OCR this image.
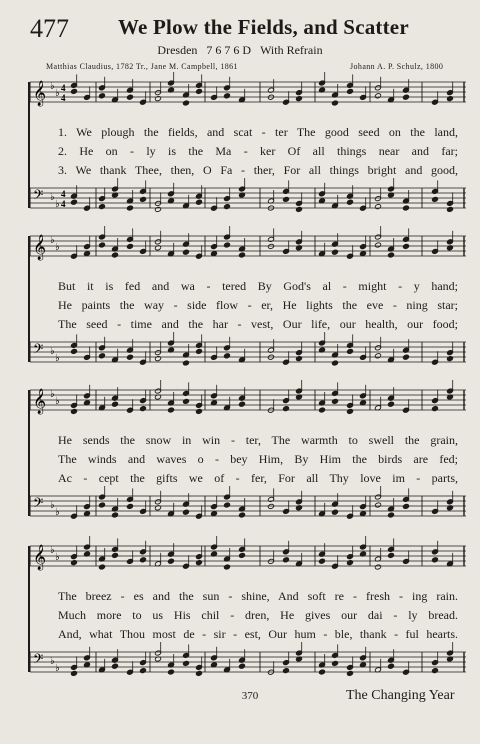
477 We Plow the Fields, and Scatter
Dresden 7 6 7 6 D With Refrain
Matthias Claudius, 1782 Tr., Jane M. Campbell, 1861	Johann A. P. Schulz, 1800
𝄞 ♭
♭ 4
4
1. We plough the fields, and scat - ter The good seed on the land,
2. He on - ly is the Ma - ker Of all things near and far;
3. We thank Thee, then, O Fa - ther, For all things bright and good,
𝄢 ♭
♭
4
4
𝄞 ♭
♭
But it is fed and wa - tered By God's al - might - y hand;
He paints the way - side flow - er, He lights the eve - ning star;
The seed - time and the har - vest, Our life, our health, our food;
𝄢 ♭
♭
𝄞 ♭
♭
He sends the snow in win - ter, The warmth to swell the grain,
The winds and waves o - bey Him, By Him the birds are fed;
Ac - cept the gifts we of - fer, For all Thy love im - parts,
𝄢 ♭
♭
𝄞 ♭
♭
The breez - es and the sun - shine, And soft re - fresh - ing rain.
Much more to us His chil - dren, He gives our dai - ly bread.
And, what Thou most de - sir - est, Our hum - ble, thank - ful hearts.
𝄢 ♭
♭
370	The Changing Year
